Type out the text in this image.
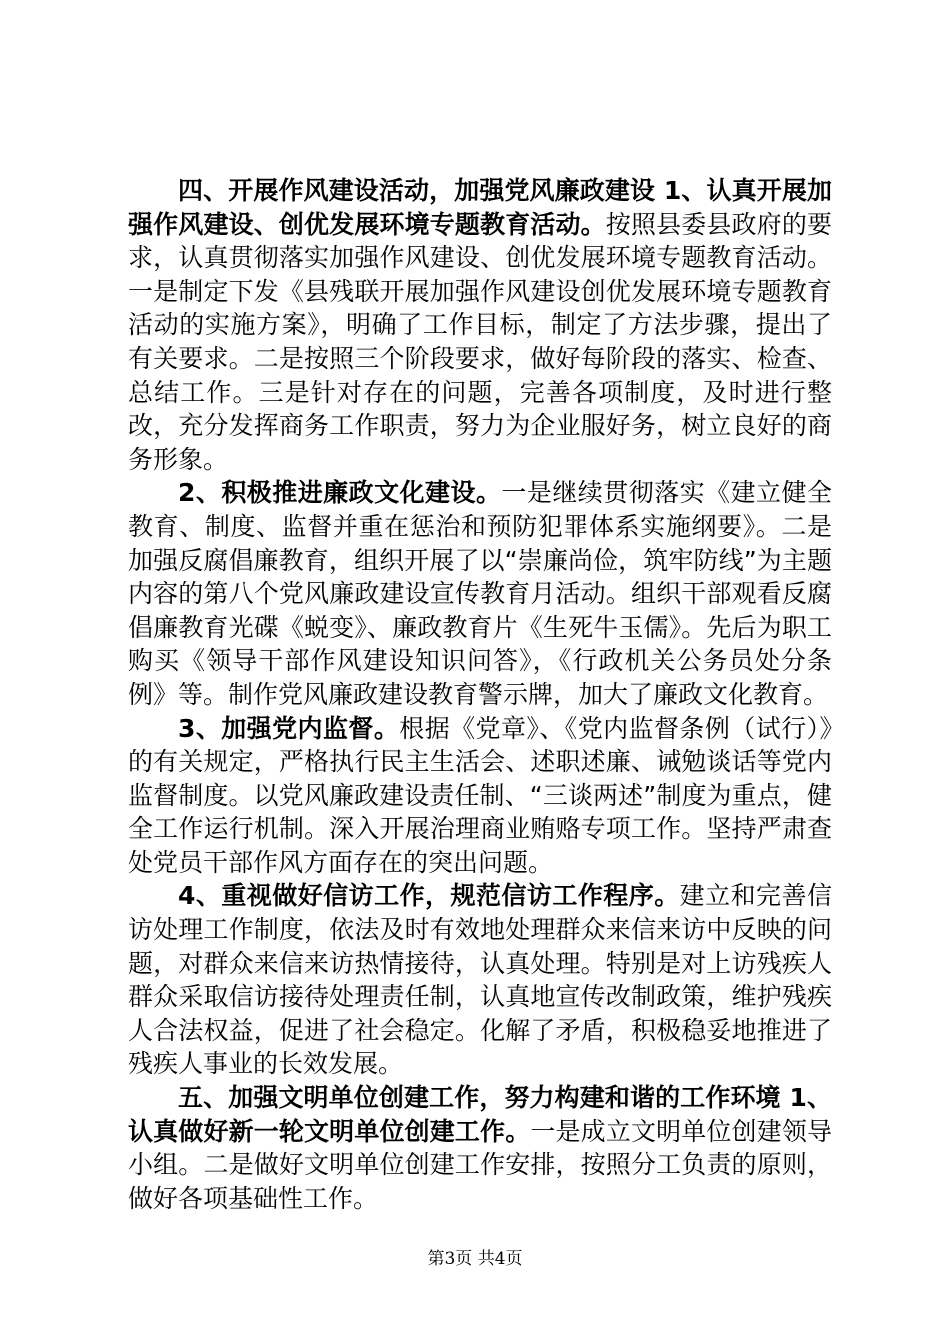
四、开展作风建设活动，加强党风廉政建设 1、认真开展加强作风建设、创优发展环境专题教育活动。按照县委县政府的要求，认真贯彻落实加强作风建设、创优发展环境专题教育活动。一是制定下发《县残联开展加强作风建设创优发展环境专题教育活动的实施方案》，明确了工作目标，制定了方法步骤，提出了有关要求。二是按照三个阶段要求，做好每阶段的落实、检查、总结工作。三是针对存在的问题，完善各项制度，及时进行整改，充分发挥商务工作职责，努力为企业服好务，树立良好的商务形象。

2、积极推进廉政文化建设。一是继续贯彻落实《建立健全教育、制度、监督并重在惩治和预防犯罪体系实施纲要》。二是加强反腐倡廉教育，组织开展了以“崇廉尚俭，筑牢防线”为主题内容的第八个党风廉政建设宣传教育月活动。组织干部观看反腐倡廉教育光碟《蜕变》、廉政教育片《生死牛玉儒》。先后为职工购买《领导干部作风建设知识问答》，《行政机关公务员处分条例》等。制作党风廉政建设教育警示牌，加大了廉政文化教育。

3、加强党内监督。根据《党章》、《党内监督条例（试行）》的有关规定，严格执行民主生活会、述职述廉、诫勉谈话等党内监督制度。以党风廉政建设责任制、“三谈两述”制度为重点，健全工作运行机制。深入开展治理商业贿赂专项工作。坚持严肃查处党员干部作风方面存在的突出问题。

4、重视做好信访工作，规范信访工作程序。建立和完善信访处理工作制度，依法及时有效地处理群众来信来访中反映的问题，对群众来信来访热情接待，认真处理。特别是对上访残疾人群众采取信访接待处理责任制，认真地宣传改制政策，维护残疾人合法权益，促进了社会稳定。化解了矛盾，积极稳妥地推进了残疾人事业的长效发展。

五、加强文明单位创建工作，努力构建和谐的工作环境 1、认真做好新一轮文明单位创建工作。一是成立文明单位创建领导小组。二是做好文明单位创建工作安排，按照分工负责的原则，做好各项基础性工作。

第3页 共4页
